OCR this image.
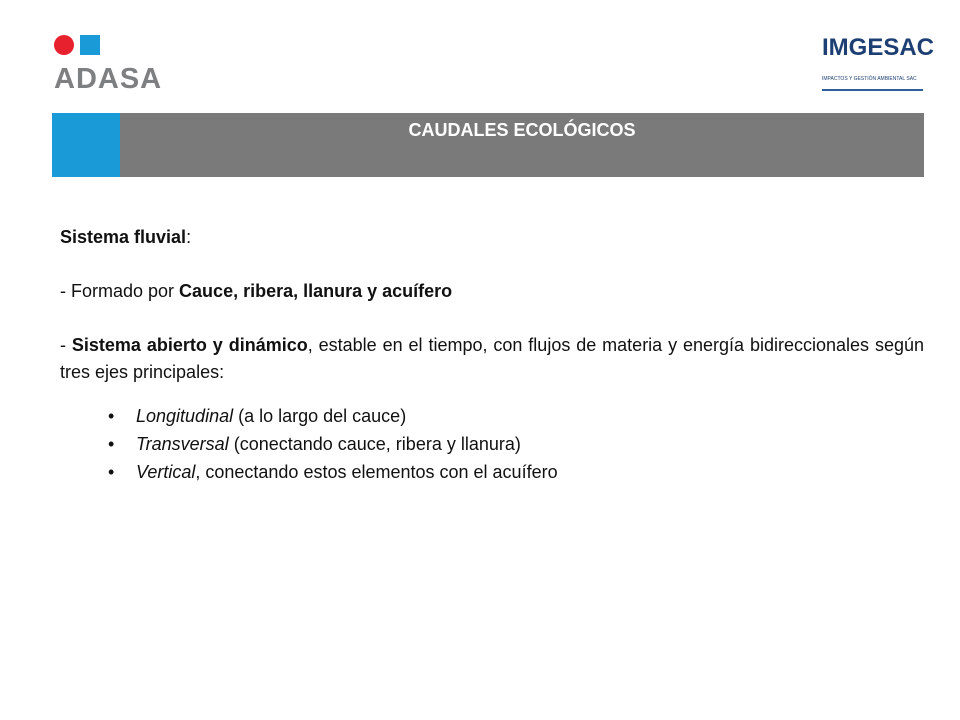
ADASA
IMGESAC
IMPACTOS Y GESTIÓN AMBIENTAL SAC
CAUDALES ECOLÓGICOS

Sistema fluvial:

- Formado por Cauce, ribera, llanura y acuífero

- Sistema abierto y dinámico, estable en el tiempo, con flujos de materia y energía bidireccionales según tres ejes principales:

• Longitudinal (a lo largo del cauce)
• Transversal (conectando cauce, ribera y llanura)
• Vertical, conectando estos elementos con el acuífero
